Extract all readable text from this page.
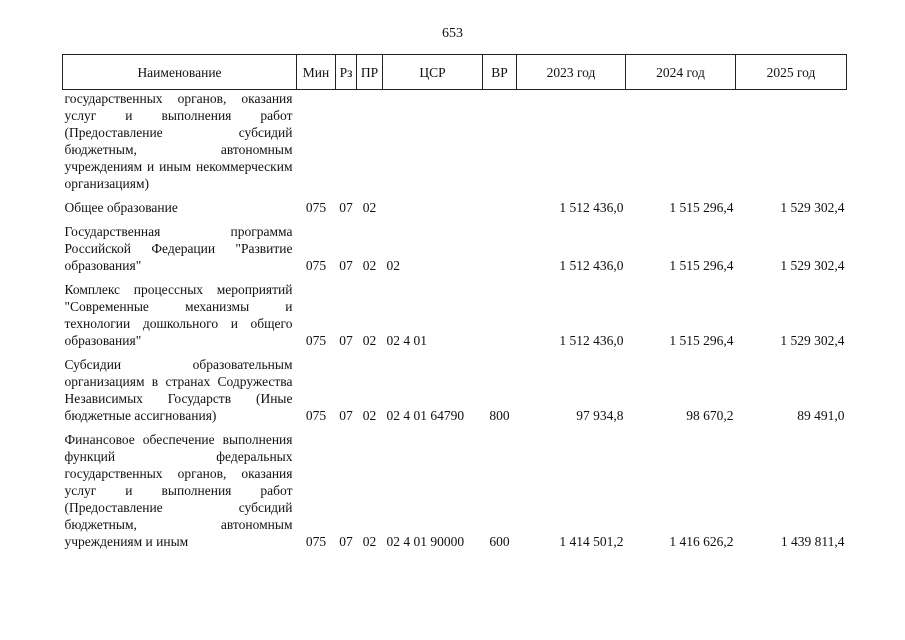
653
Наименование	Мин	Рз	ПР	ЦСР	ВР	2023 год	2024 год	2025 год
государственных органов, оказания услуг и выполнения работ (Предоставление субсидий бюджетным, автономным учреждениям и иным некоммерческим организациям)								
Общее образование	075	07	02			1 512 436,0	1 515 296,4	1 529 302,4
Государственная программа Российской Федерации "Развитие образования"	075	07	02	02		1 512 436,0	1 515 296,4	1 529 302,4
Комплекс процессных мероприятий "Современные механизмы и технологии дошкольного и общего образования"	075	07	02	02 4 01		1 512 436,0	1 515 296,4	1 529 302,4
Субсидии образовательным организациям в странах Содружества Независимых Государств (Иные бюджетные ассигнования)	075	07	02	02 4 01 64790	800	97 934,8	98 670,2	89 491,0
Финансовое обеспечение выполнения функций федеральных государственных органов, оказания услуг и выполнения работ (Предоставление субсидий бюджетным, автономным учреждениям и иным	075	07	02	02 4 01 90000	600	1 414 501,2	1 416 626,2	1 439 811,4
